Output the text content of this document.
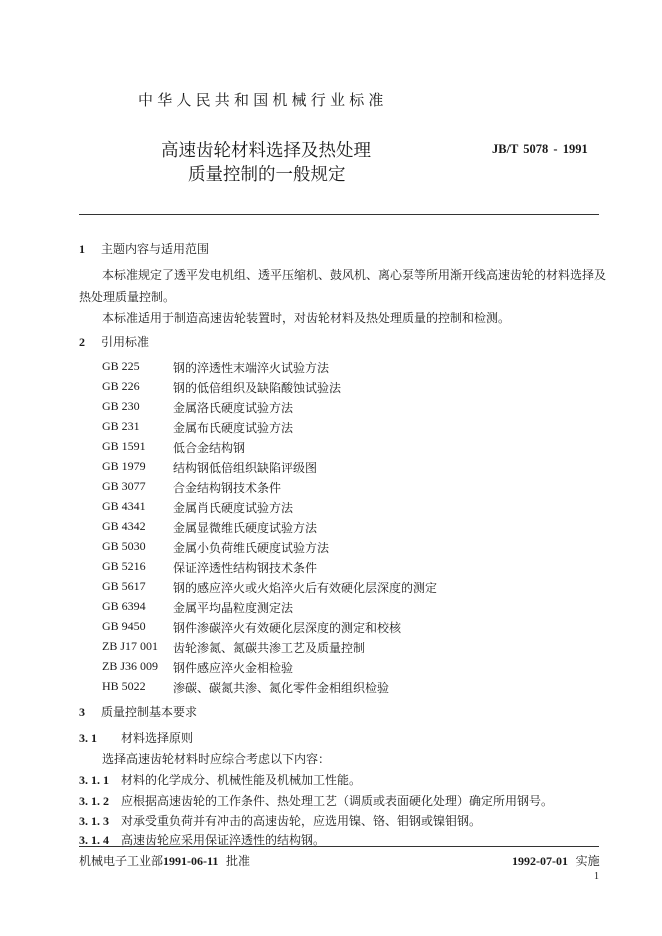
中华人民共和国机械行业标准
高速齿轮材料选择及热处理
质量控制的一般规定
JB/T 5078 - 1991
1 主题内容与适用范围
本标准规定了透平发电机组、透平压缩机、鼓风机、离心泵等所用渐开线高速齿轮的材料选择及
热处理质量控制。
本标准适用于制造高速齿轮装置时，对齿轮材料及热处理质量的控制和检测。
2 引用标准
GB 225	钢的淬透性末端淬火试验方法
GB 226	钢的低倍组织及缺陷酸蚀试验法
GB 230	金属洛氏硬度试验方法
GB 231	金属布氏硬度试验方法
GB 1591 低合金结构钢
GB 1979 结构钢低倍组织缺陷评级图
GB 3077 合金结构钢技术条件
GB 4341 金属肖氏硬度试验方法
GB 4342 金属显微维氏硬度试验方法
GB 5030 金属小负荷维氏硬度试验方法
GB 5216 保证淬透性结构钢技术条件
GB 5617 钢的感应淬火或火焰淬火后有效硬化层深度的测定
GB 6394 金属平均晶粒度测定法
GB 9450 钢件渗碳淬火有效硬化层深度的测定和校核
ZB J17 001 齿轮渗氮、氮碳共渗工艺及质量控制
ZB J36 009 钢件感应淬火金相检验
HB 5022 渗碳、碳氮共渗、氮化零件金相组织检验
3 质量控制基本要求
3. 1 材料选择原则
选择高速齿轮材料时应综合考虑以下内容：
3. 1. 1 材料的化学成分、机械性能及机械加工性能。
3. 1. 2 应根据高速齿轮的工作条件、热处理工艺（调质或表面硬化处理）确定所用钢号。
3. 1. 3 对承受重负荷并有冲击的高速齿轮，应选用镍、铬、钼钢或镍钼钢。
3. 1. 4 高速齿轮应采用保证淬透性的结构钢。
机械电子工业部1991-06-11 批准	1992-07-01 实施
1
